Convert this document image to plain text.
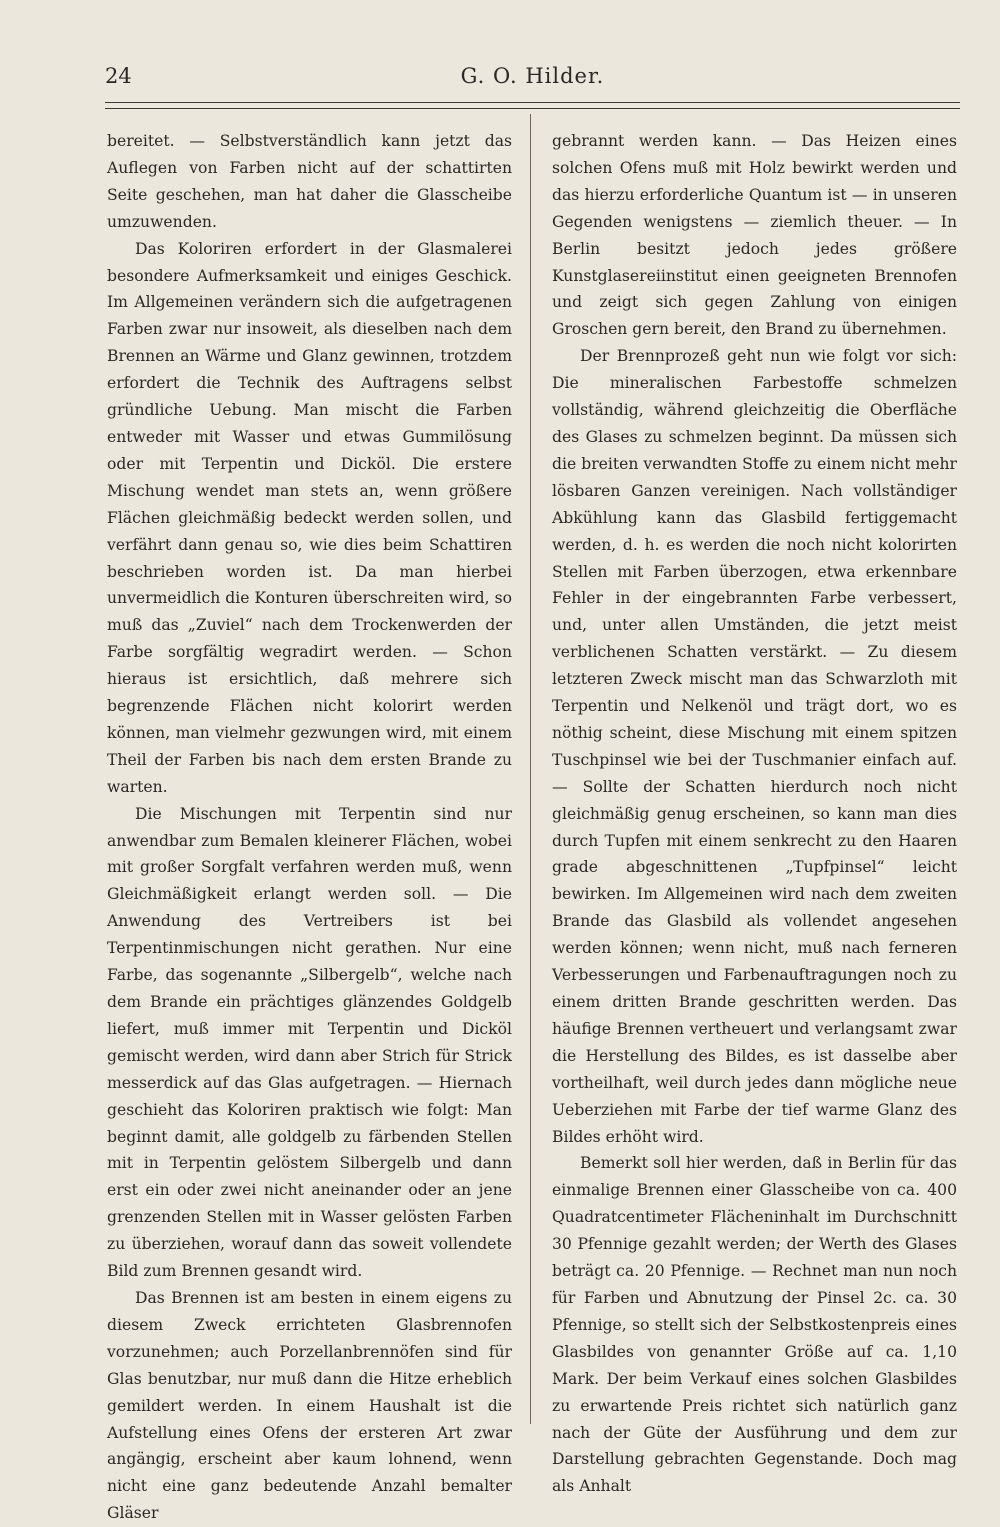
24	G. O. Hilder.

bereitet. — Selbstverständlich kann jetzt das Auflegen von Farben nicht auf der schattirten Seite geschehen, man hat daher die Glasscheibe umzuwenden.

Das Koloriren erfordert in der Glasmalerei besondere Aufmerksamkeit und einiges Geschick. Im Allgemeinen verändern sich die aufgetragenen Farben zwar nur insoweit, als dieselben nach dem Brennen an Wärme und Glanz gewinnen, trotzdem erfordert die Technik des Auftragens selbst gründliche Uebung. Man mischt die Farben entweder mit Wasser und etwas Gummilösung oder mit Terpentin und Dicköl. Die erstere Mischung wendet man stets an, wenn größere Flächen gleichmäßig bedeckt werden sollen, und verfährt dann genau so, wie dies beim Schattiren beschrieben worden ist. Da man hierbei unvermeidlich die Konturen überschreiten wird, so muß das „Zuviel“ nach dem Trockenwerden der Farbe sorgfältig wegradirt werden. — Schon hieraus ist ersichtlich, daß mehrere sich begrenzende Flächen nicht kolorirt werden können, man vielmehr gezwungen wird, mit einem Theil der Farben bis nach dem ersten Brande zu warten.

Die Mischungen mit Terpentin sind nur anwendbar zum Bemalen kleinerer Flächen, wobei mit großer Sorgfalt verfahren werden muß, wenn Gleichmäßigkeit erlangt werden soll. — Die Anwendung des Vertreibers ist bei Terpentinmischungen nicht gerathen. Nur eine Farbe, das sogenannte „Silbergelb“, welche nach dem Brande ein prächtiges glänzendes Goldgelb liefert, muß immer mit Terpentin und Dicköl gemischt werden, wird dann aber Strich für Strick messerdick auf das Glas aufgetragen. — Hiernach geschieht das Koloriren praktisch wie folgt: Man beginnt damit, alle goldgelb zu färbenden Stellen mit in Terpentin gelöstem Silbergelb und dann erst ein oder zwei nicht aneinander oder an jene grenzenden Stellen mit in Wasser gelösten Farben zu überziehen, worauf dann das soweit vollendete Bild zum Brennen gesandt wird.

Das Brennen ist am besten in einem eigens zu diesem Zweck errichteten Glasbrennofen vorzunehmen; auch Porzellanbrennöfen sind für Glas benutzbar, nur muß dann die Hitze erheblich gemildert werden. In einem Haushalt ist die Aufstellung eines Ofens der ersteren Art zwar angängig, erscheint aber kaum lohnend, wenn nicht eine ganz bedeutende Anzahl bemalter Gläser

gebrannt werden kann. — Das Heizen eines solchen Ofens muß mit Holz bewirkt werden und das hierzu erforderliche Quantum ist — in unseren Gegenden wenigstens — ziemlich theuer. — In Berlin besitzt jedoch jedes größere Kunstglasereiinstitut einen geeigneten Brennofen und zeigt sich gegen Zahlung von einigen Groschen gern bereit, den Brand zu übernehmen.

Der Brennprozeß geht nun wie folgt vor sich: Die mineralischen Farbestoffe schmelzen vollständig, während gleichzeitig die Oberfläche des Glases zu schmelzen beginnt. Da müssen sich die breiten verwandten Stoffe zu einem nicht mehr lösbaren Ganzen vereinigen. Nach vollständiger Abkühlung kann das Glasbild fertiggemacht werden, d. h. es werden die noch nicht kolorirten Stellen mit Farben überzogen, etwa erkennbare Fehler in der eingebrannten Farbe verbessert, und, unter allen Umständen, die jetzt meist verblichenen Schatten verstärkt. — Zu diesem letzteren Zweck mischt man das Schwarzloth mit Terpentin und Nelkenöl und trägt dort, wo es nöthig scheint, diese Mischung mit einem spitzen Tuschpinsel wie bei der Tuschmanier einfach auf. — Sollte der Schatten hierdurch noch nicht gleichmäßig genug erscheinen, so kann man dies durch Tupfen mit einem senkrecht zu den Haaren grade abgeschnittenen „Tupfpinsel“ leicht bewirken. Im Allgemeinen wird nach dem zweiten Brande das Glasbild als vollendet angesehen werden können; wenn nicht, muß nach ferneren Verbesserungen und Farbenauftragungen noch zu einem dritten Brande geschritten werden. Das häufige Brennen vertheuert und verlangsamt zwar die Herstellung des Bildes, es ist dasselbe aber vortheilhaft, weil durch jedes dann mögliche neue Ueberziehen mit Farbe der tief warme Glanz des Bildes erhöht wird.

Bemerkt soll hier werden, daß in Berlin für das einmalige Brennen einer Glasscheibe von ca. 400 Quadratcentimeter Flächeninhalt im Durchschnitt 30 Pfennige gezahlt werden; der Werth des Glases beträgt ca. 20 Pfennige. — Rechnet man nun noch für Farben und Abnutzung der Pinsel 2c. ca. 30 Pfennige, so stellt sich der Selbstkostenpreis eines Glasbildes von genannter Größe auf ca. 1,10 Mark. Der beim Verkauf eines solchen Glasbildes zu erwartende Preis richtet sich natürlich ganz nach der Güte der Ausführung und dem zur Darstellung gebrachten Gegenstande. Doch mag als Anhalt
